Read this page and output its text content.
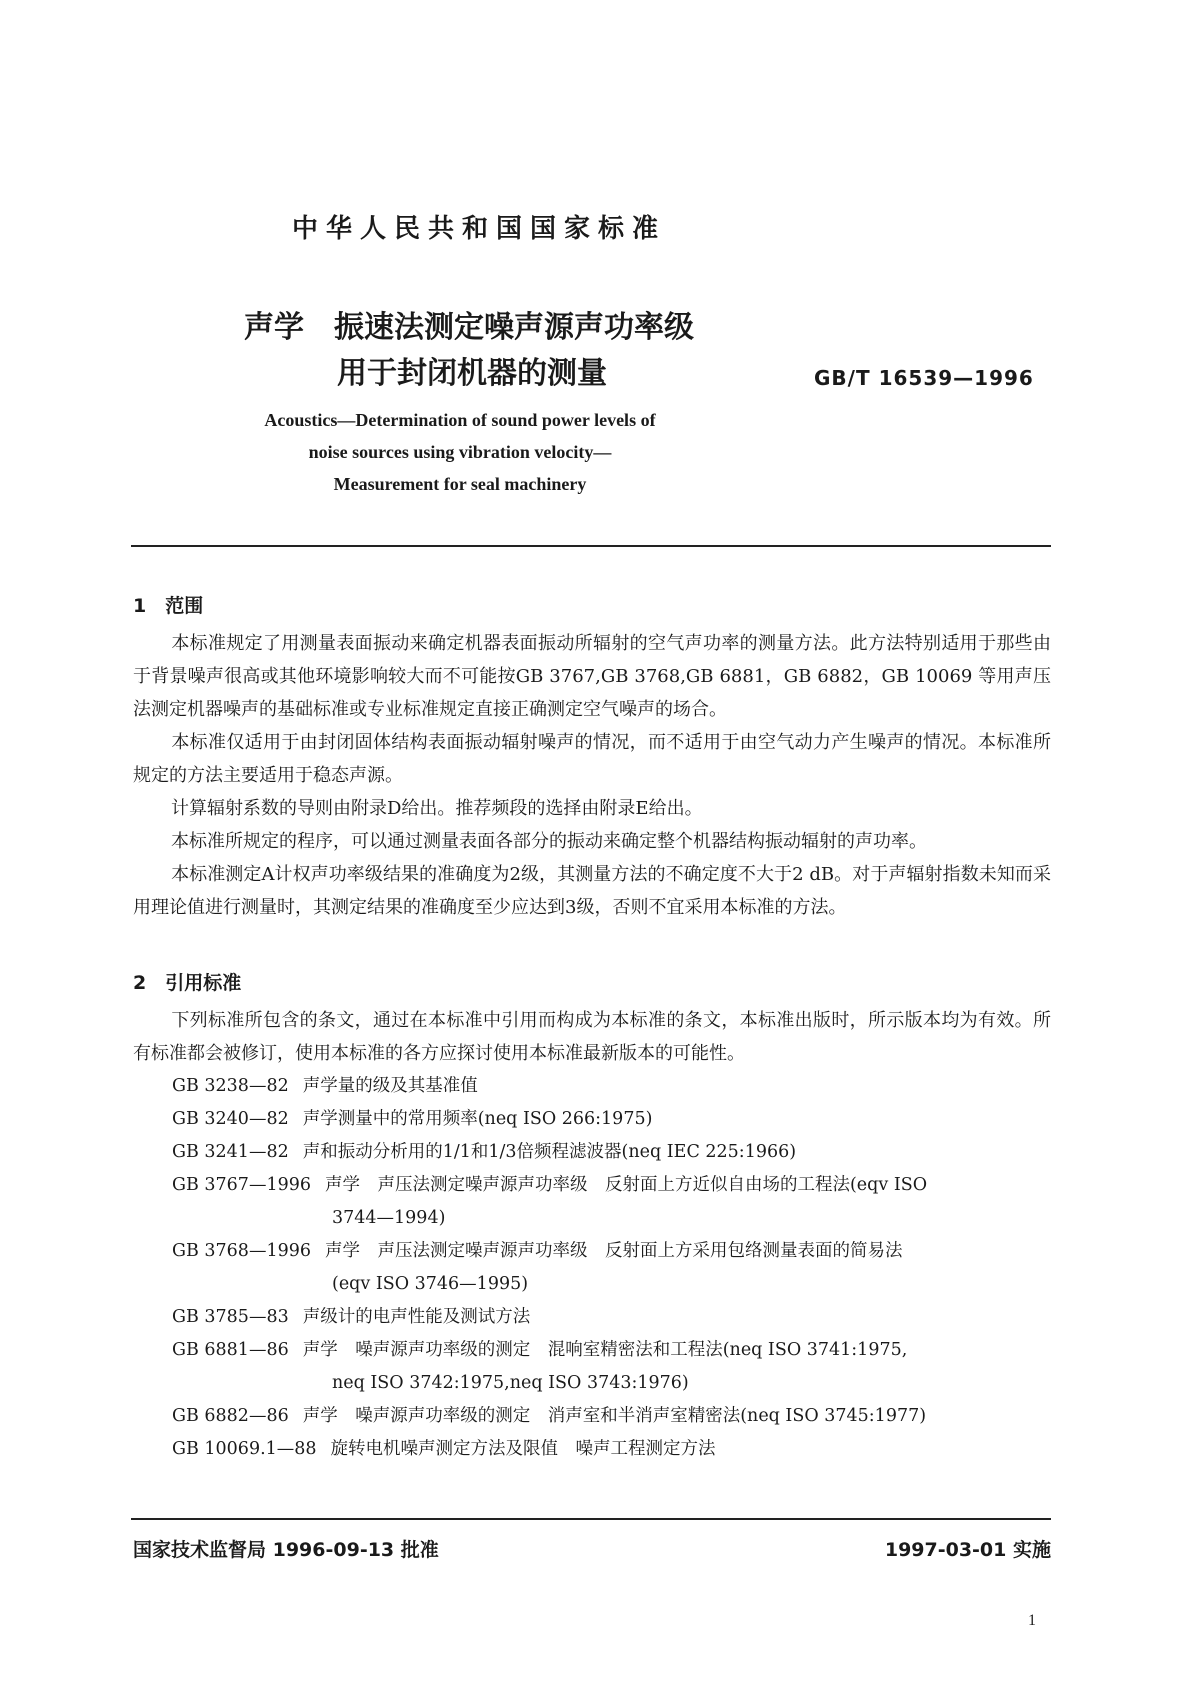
中华人民共和国国家标准
声学　振速法测定噪声源声功率级
用于封闭机器的测量	GB/T 16539—1996
Acoustics—Determination of sound power levels of
noise sources using vibration velocity—
Measurement for seal machinery
1　范围
本标准规定了用测量表面振动来确定机器表面振动所辐射的空气声功率的测量方法。此方法特别适用于那些由于背景噪声很高或其他环境影响较大而不可能按GB 3767,GB 3768,GB 6881，GB 6882，GB 10069 等用声压法测定机器噪声的基础标准或专业标准规定直接正确测定空气噪声的场合。
本标准仅适用于由封闭固体结构表面振动辐射噪声的情况，而不适用于由空气动力产生噪声的情况。本标准所规定的方法主要适用于稳态声源。
计算辐射系数的导则由附录D给出。推荐频段的选择由附录E给出。
本标准所规定的程序，可以通过测量表面各部分的振动来确定整个机器结构振动辐射的声功率。
本标准测定A计权声功率级结果的准确度为2级，其测量方法的不确定度不大于2 dB。对于声辐射指数未知而采用理论值进行测量时，其测定结果的准确度至少应达到3级，否则不宜采用本标准的方法。
2　引用标准
下列标准所包含的条文，通过在本标准中引用而构成为本标准的条文，本标准出版时，所示版本均为有效。所有标准都会被修订，使用本标准的各方应探讨使用本标准最新版本的可能性。
GB 3238—82 声学量的级及其基准值
GB 3240—82 声学测量中的常用频率(neq ISO 266:1975)
GB 3241—82 声和振动分析用的1/1和1/3倍频程滤波器(neq IEC 225:1966)
GB 3767—1996 声学　声压法测定噪声源声功率级　反射面上方近似自由场的工程法(eqv ISO
3744—1994)
GB 3768—1996 声学　声压法测定噪声源声功率级　反射面上方采用包络测量表面的简易法
(eqv ISO 3746—1995)
GB 3785—83 声级计的电声性能及测试方法
GB 6881—86 声学　噪声源声功率级的测定　混响室精密法和工程法(neq ISO 3741:1975,
neq ISO 3742:1975,neq ISO 3743:1976)
GB 6882—86 声学　噪声源声功率级的测定　消声室和半消声室精密法(neq ISO 3745:1977)
GB 10069.1—88 旋转电机噪声测定方法及限值　噪声工程测定方法
国家技术监督局 1996-09-13 批准	1997-03-01 实施
1
